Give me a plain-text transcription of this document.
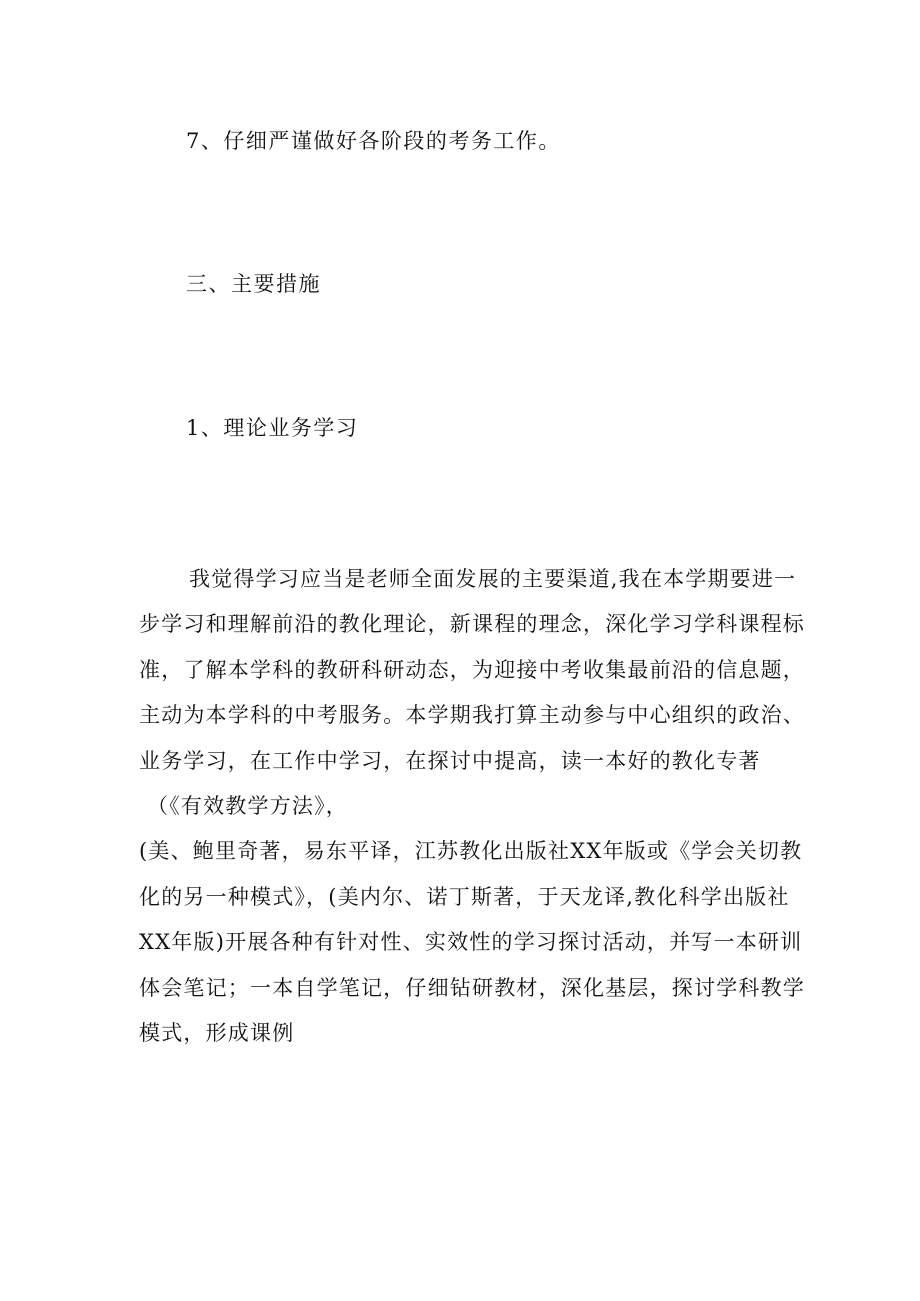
7、仔细严谨做好各阶段的考务工作。
三、主要措施
1、理论业务学习
我觉得学习应当是老师全面发展的主要渠道,我在本学期要进一
步学习和理解前沿的教化理论，新课程的理念，深化学习学科课程标
准，了解本学科的教研科研动态，为迎接中考收集最前沿的信息题，
主动为本学科的中考服务。本学期我打算主动参与中心组织的政治、
业务学习，在工作中学习，在探讨中提高，读一本好的教化专著
（《有效教学方法》，
(美、鲍里奇著，易东平译，江苏教化出版社XX年版或《学会关切教
化的另一种模式》，(美内尔、诺丁斯著，于天龙译,教化科学出版社
XX年版)开展各种有针对性、实效性的学习探讨活动，并写一本研训
体会笔记；一本自学笔记，仔细钻研教材，深化基层，探讨学科教学
模式，形成课例
